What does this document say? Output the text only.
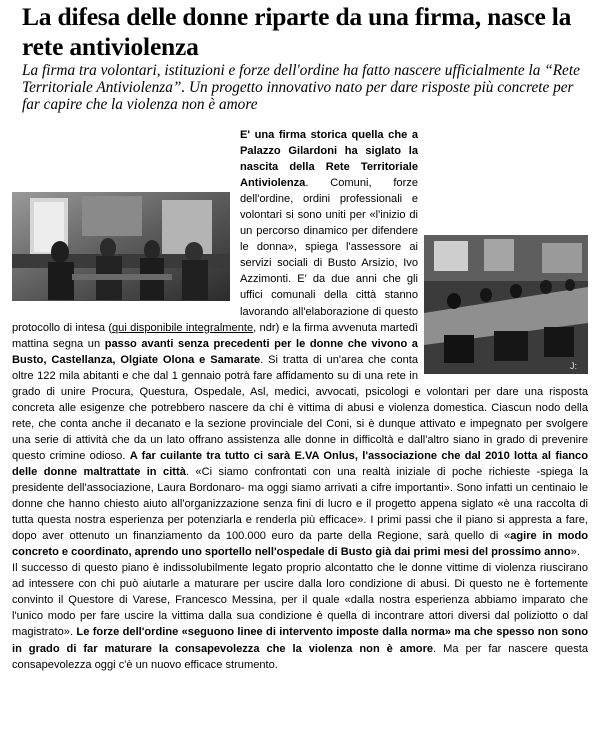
La difesa delle donne riparte da una firma, nasce la rete antiviolenza

La firma tra volontari, istituzioni e forze dell'ordine ha fatto nascere ufficialmente la “Rete Territoriale Antiviolenza”. Un progetto innovativo nato per dare risposte più concrete per far capire che la violenza non è amore

J:

E' una firma storica quella che a Palazzo Gilardoni ha siglato la nascita della Rete Territoriale Antiviolenza. Comuni, forze dell'ordine, ordini professionali e volontari si sono uniti per «l'inizio di un percorso dinamico per difendere le donna», spiega l'assessore ai servizi sociali di Busto Arsizio, Ivo Azzimonti. E' da due anni che gli uffici comunali della città stanno lavorando all'elaborazione di questo protocollo di intesa (qui disponibile integralmente, ndr) e la firma avvenuta martedì mattina segna un passo avanti senza precedenti per le donne che vivono a Busto, Castellanza, Olgiate Olona e Samarate. Si tratta di un'area che conta oltre 122 mila abitanti e che dal 1 gennaio potrà fare affidamento su di una rete in grado di unire Procura, Questura, Ospedale, Asl, medici, avvocati, psicologi e volontari per dare una risposta concreta alle esigenze che potrebbero nascere da chi è vittima di abusi e violenza domestica. Ciascun nodo della rete, che conta anche il decanato e la sezione provinciale del Coni, si è dunque attivato e impegnato per svolgere una serie di attività che da un lato offrano assistenza alle donne in difficoltà e dall'altro siano in grado di prevenire questo crimine odioso. A far cuilante tra tutto ci sarà E.VA Onlus, l'associazione che dal 2010 lotta al fianco delle donne maltrattate in città. «Ci siamo confrontati con una realtà iniziale di poche richieste -spiega la presidente dell'associazione, Laura Bordonaro- ma oggi siamo arrivati a cifre importanti». Sono infatti un centinaio le donne che hanno chiesto aiuto all'organizzazione senza fini di lucro e il progetto appena siglato «è una raccolta di tutta questa nostra esperienza per potenziarla e renderla più efficace». I primi passi che il piano si appresta a fare, dopo aver ottenuto un finanziamento da 100.000 euro da parte della Regione, sarà quello di «agire in modo concreto e coordinato, aprendo uno sportello nell'ospedale di Busto già dai primi mesi del prossimo anno».

Il successo di questo piano è indissolubilmente legato proprio alcontatto che le donne vittime di violenza riuscirano ad intessere con chi può aiutarle a maturare per uscire dalla loro condizione di abusi. Di questo ne è fortemente convinto il Questore di Varese, Francesco Messina, per il quale «dalla nostra esperienza abbiamo imparato che l'unico modo per fare uscire la vittima dalla sua condizione è quella di incontrare attori diversi dal poliziotto o dal magistrato». Le forze dell'ordine «seguono linee di intervento imposte dalla norma» ma che spesso non sono in grado di far maturare la consapevolezza che la violenza non è amore. Ma per far nascere questa consapevolezza oggi c'è un nuovo efficace strumento.
